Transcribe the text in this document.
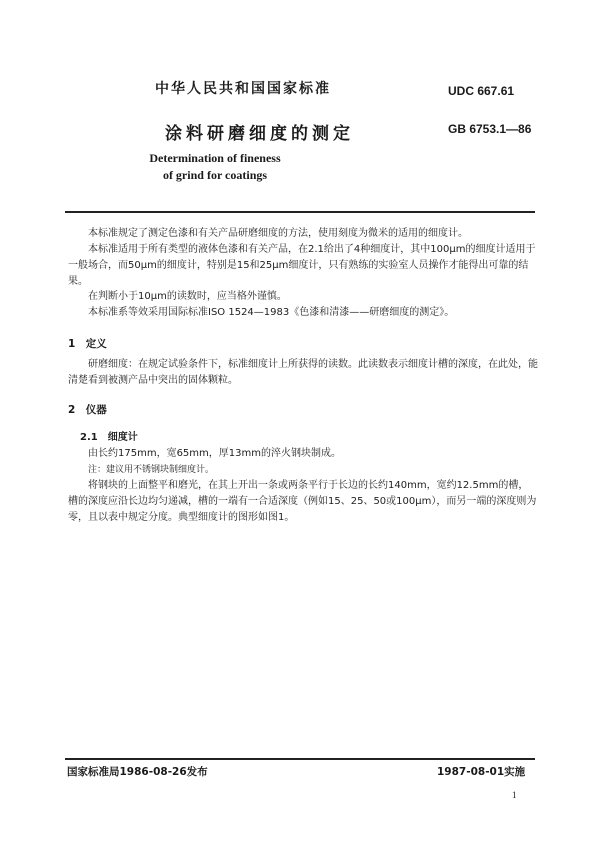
中华人民共和国国家标准	UDC 667.61
涂料研磨细度的测定	GB 6753.1—86
Determination of fineness
of grind for coatings

本标准规定了测定色漆和有关产品研磨细度的方法，使用刻度为微米的适用的细度计。

本标准适用于所有类型的液体色漆和有关产品，在2.1给出了4种细度计，其中100μm的细度计适用于一般场合，而50μm的细度计，特别是15和25μm细度计，只有熟练的实验室人员操作才能得出可靠的结果。

在判断小于10μm的读数时，应当格外谨慎。

本标准系等效采用国际标准ISO 1524—1983《色漆和清漆——研磨细度的测定》。

1　定义

研磨细度：在规定试验条件下，标准细度计上所获得的读数。此读数表示细度计槽的深度，在此处，能清楚看到被测产品中突出的固体颗粒。

2　仪器
2.1　细度计
由长约175mm，宽65mm，厚13mm的淬火钢块制成。
注：建议用不锈钢块制细度计。

将钢块的上面整平和磨光，在其上开出一条或两条平行于长边的长约140mm，宽约12.5mm的槽，槽的深度应沿长边均匀递减，槽的一端有一合适深度（例如15、25、50或100μm），而另一端的深度则为零，且以表中规定分度。典型细度计的图形如图1。

国家标准局1986-08-26发布	1987-08-01实施
1
